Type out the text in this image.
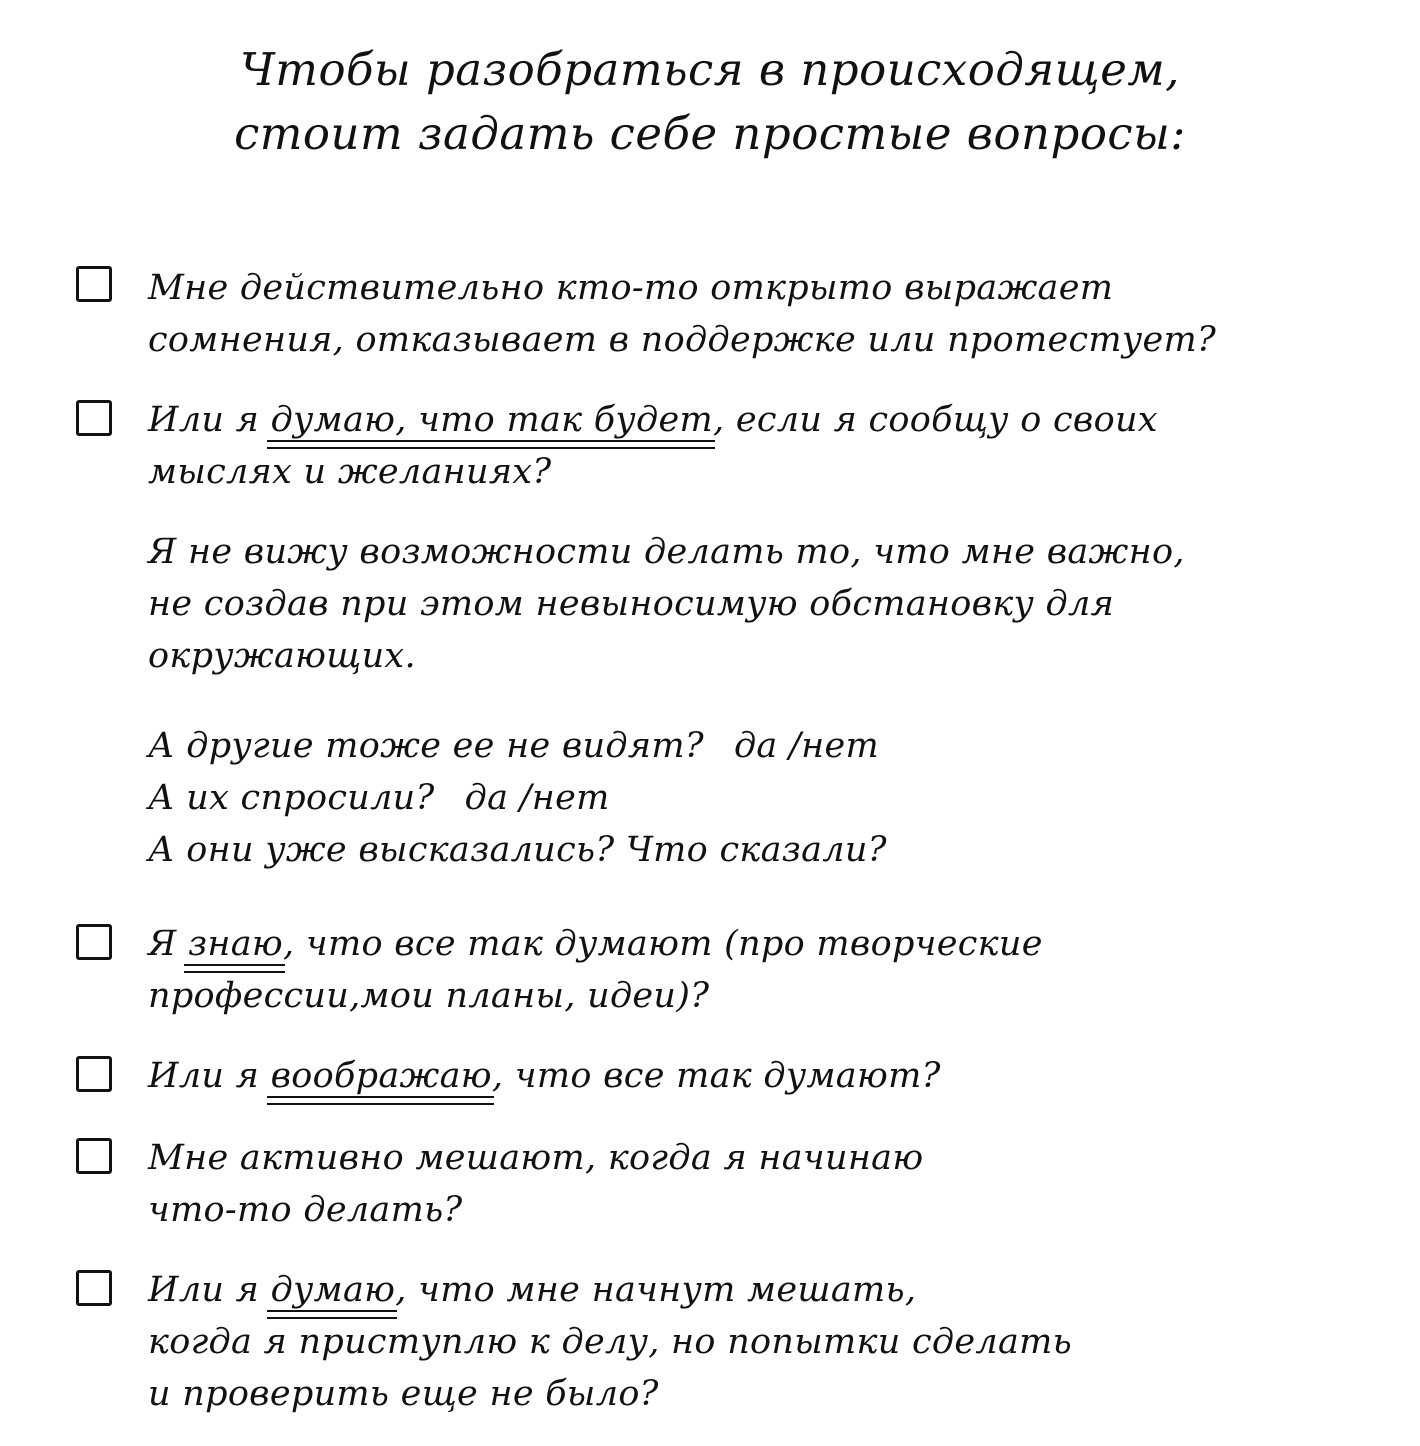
Чтобы разобраться в происходящем,
стоит задать себе простые вопросы:
Мне действительно кто-то открыто выражает
сомнения, отказывает в поддержке или протестует?
Или я думаю, что так будет, если я сообщу о своих
мыслях и желаниях?
Я не вижу возможности делать то, что мне важно,
не создав при этом невыносимую обстановку для
окружающих.
А другие тоже ее не видят? да /нет
А их спросили? да /нет
А они уже высказались? Что сказали?
Я знаю, что все так думают (про творческие
профессии,мои планы, идеи)?
Или я воображаю, что все так думают?
Мне активно мешают, когда я начинаю
что-то делать?
Или я думаю, что мне начнут мешать,
когда я приступлю к делу, но попытки сделать
и проверить еще не было?
